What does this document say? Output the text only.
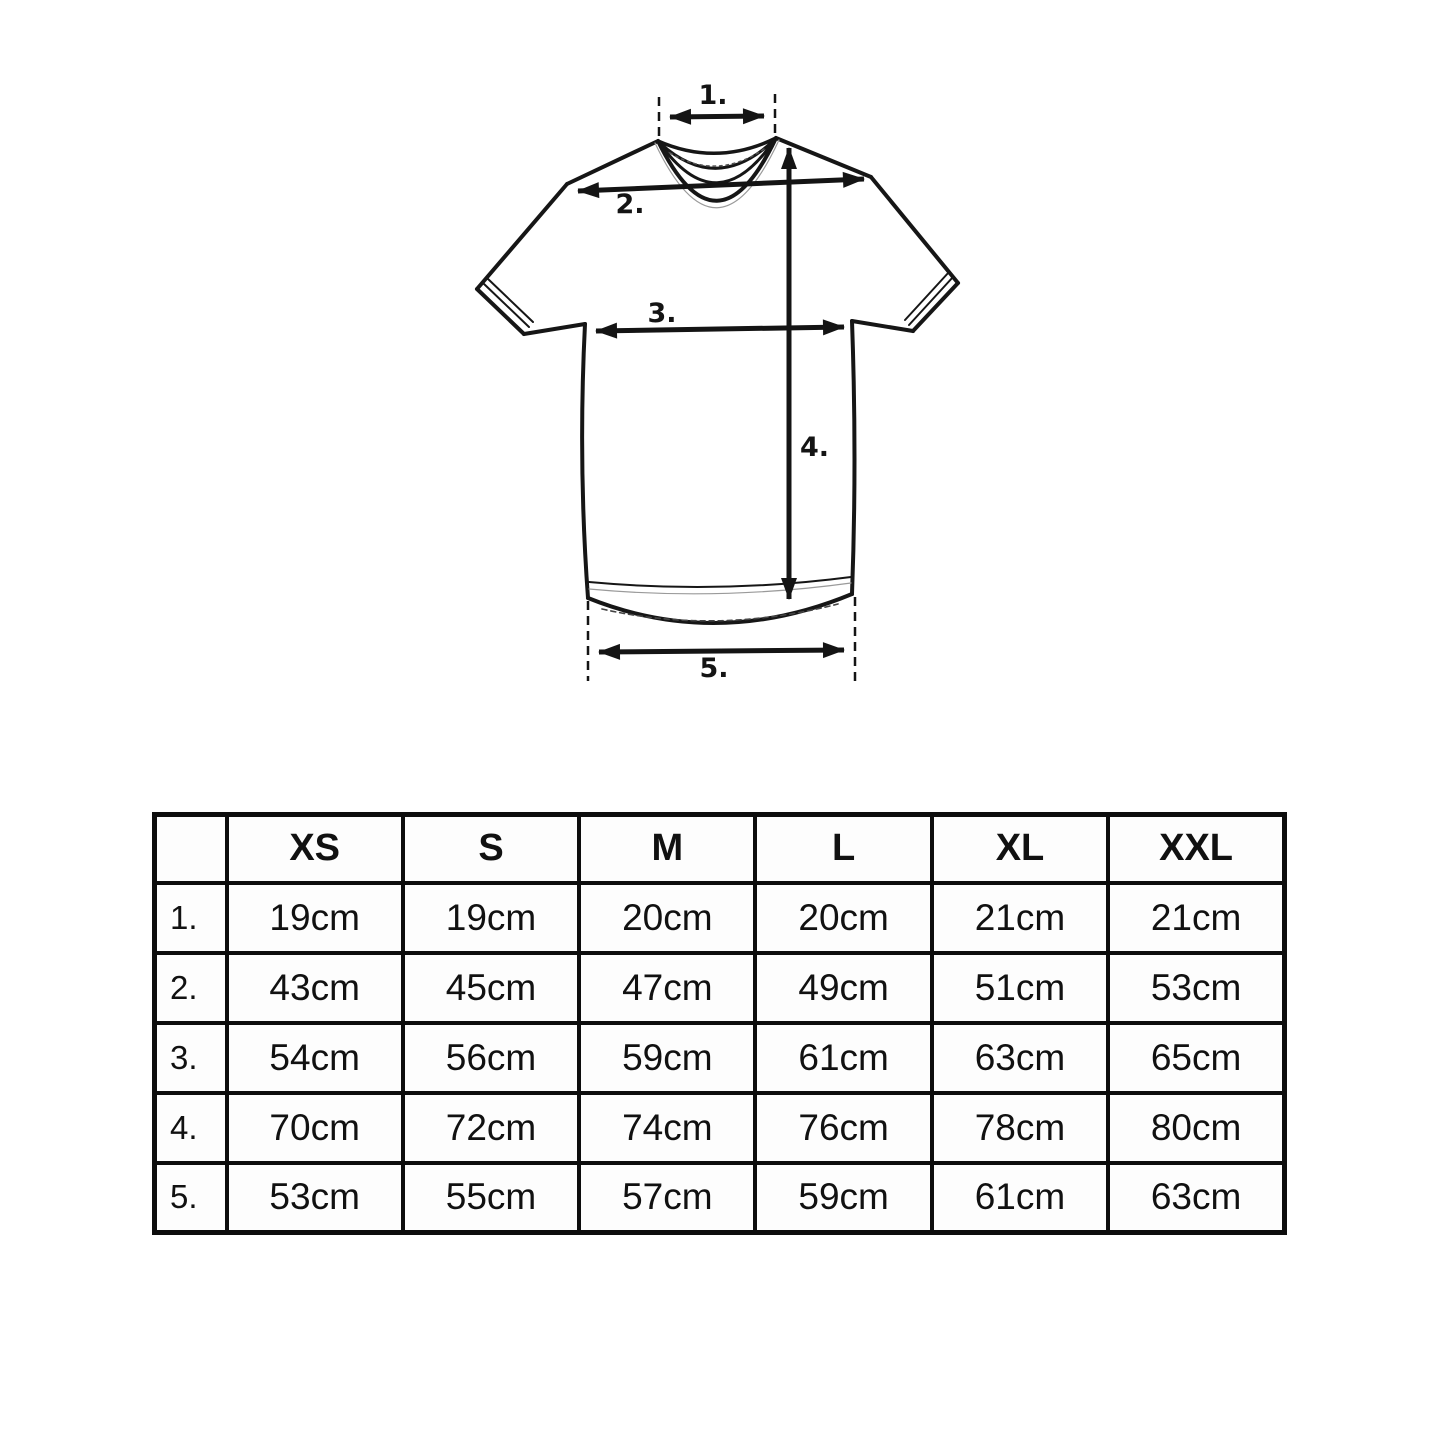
1.
2.
3.
4.
5.
	XS	S	M	L	XL	XXL
1.	19cm	19cm	20cm	20cm	21cm	21cm
2.	43cm	45cm	47cm	49cm	51cm	53cm
3.	54cm	56cm	59cm	61cm	63cm	65cm
4.	70cm	72cm	74cm	76cm	78cm	80cm
5.	53cm	55cm	57cm	59cm	61cm	63cm
